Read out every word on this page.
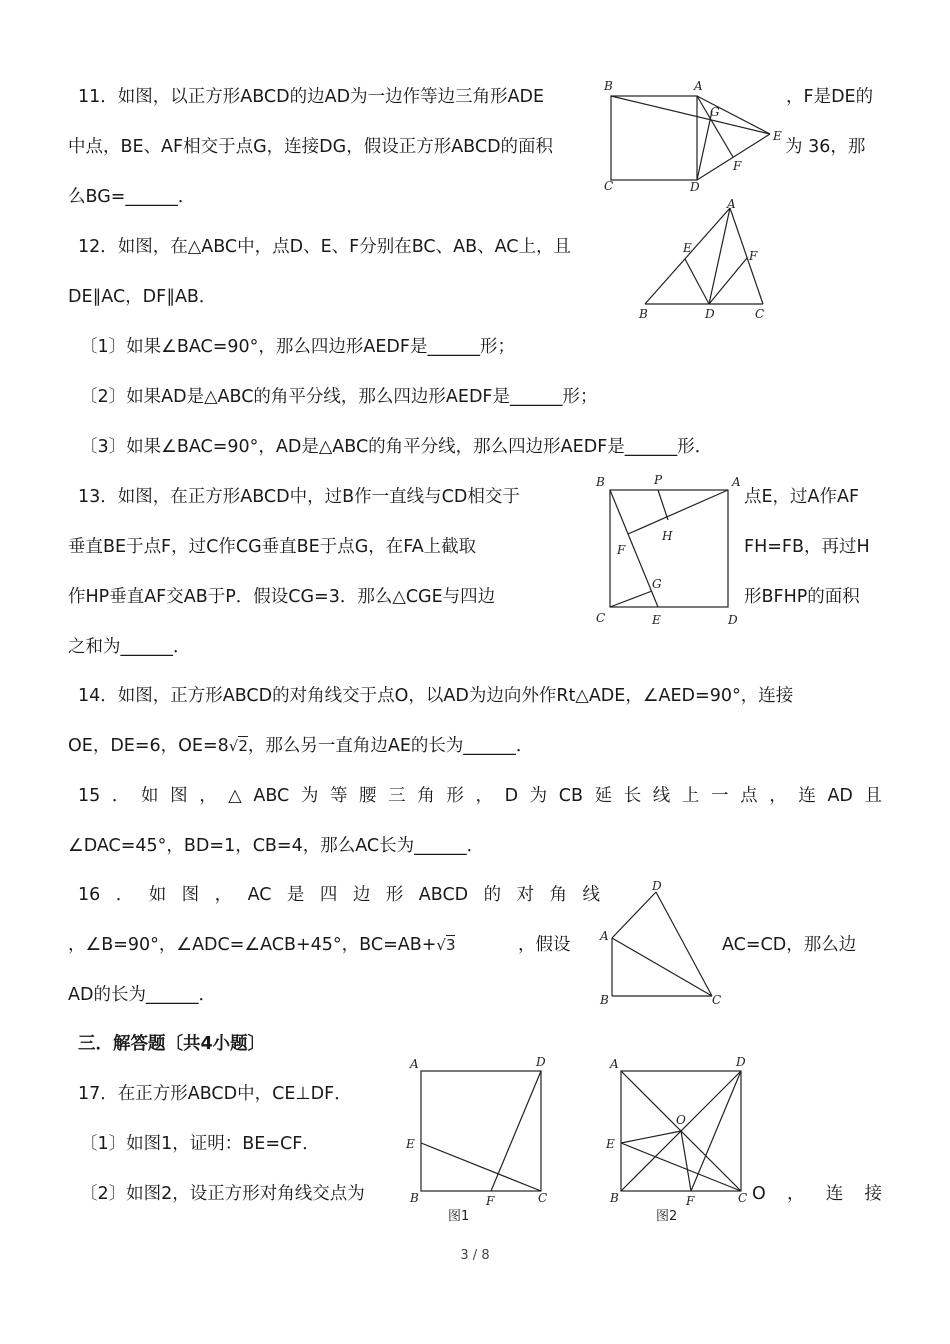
11．如图，以正方形ABCD的边AD为一边作等边三角形ADE	，F是DE的
中点，BE、AF相交于点G，连接DG，假设正方形ABCD的面积	为 36，那
么BG=______．
B	A
G
E
F
C	D
12．如图，在△ABC中，点D、E、F分别在BC、AB、AC上，且
DE∥AC，DF∥AB．
〔1〕如果∠BAC=90°，那么四边形AEDF是______形；
〔2〕如果AD是△ABC的角平分线，那么四边形AEDF是______形；
〔3〕如果∠BAC=90°，AD是△ABC的角平分线，那么四边形AEDF是______形．
A
E
F
B	D	C
13．如图，在正方形ABCD中，过B作一直线与CD相交于	点E，过A作AF
垂直BE于点F，过C作CG垂直BE于点G，在FA上截取	FH=FB，再过H
作HP垂直AF交AB于P．假设CG=3．那么△CGE与四边	形BFHP的面积
之和为______．
B	P	A
H
F
G
C	E	D
14．如图，正方形ABCD的对角线交于点O，以AD为边向外作Rt△ADE，∠AED=90°，连接
OE，DE=6，OE=8√2，那么另一直角边AE的长为______．
15．如图，△ABC为等腰三角形，D为CB延长线上一点，连AD且
∠DAC=45°，BD=1，CB=4，那么AC长为______．
16．如图，AC是四边形ABCD的对角线
，∠B=90°，∠ADC=∠ACB+45°，BC=AB+√3	，假设	AC=CD，那么边
AD的长为______．
D
A
B	C
三．解答题〔共4小题〕
17．在正方形ABCD中，CE⊥DF．
〔1〕如图1，证明：BE=CF．
〔2〕如图2，设正方形对角线交点为	O，连接
A	D
E
B	F	C
图1
A	D
O
E
B	F	C
图2
3 / 8
